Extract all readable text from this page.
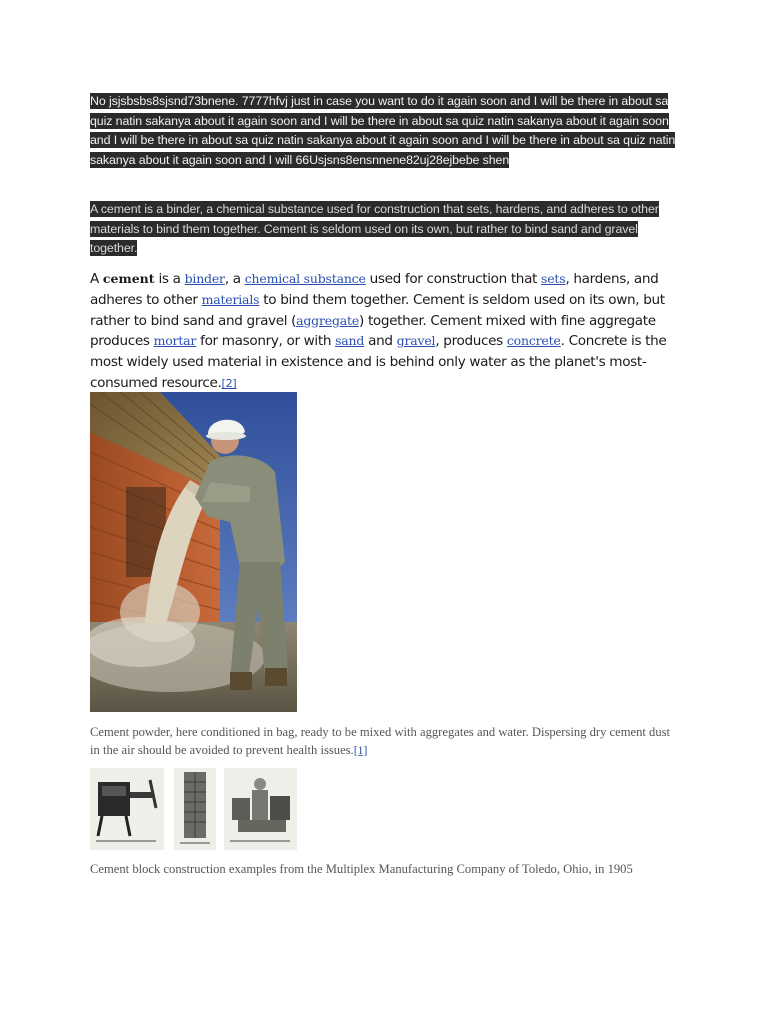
No jsjsbsbs8sjsnd73bnene. 7777hfvj just in case you want to do it again soon and I will be there in about sa quiz natin sakanya about it again soon and I will be there in about sa quiz natin sakanya about it again soon and I will be there in about sa quiz natin sakanya about it again soon and I will be there in about sa quiz natin sakanya about it again soon and I will 66Usjsns8ensnnene82uj28ejbebe shen
A cement is a binder, a chemical substance used for construction that sets, hardens, and adheres to other materials to bind them together. Cement is seldom used on its own, but rather to bind sand and gravel together.
A cement is a binder, a chemical substance used for construction that sets, hardens, and adheres to other materials to bind them together. Cement is seldom used on its own, but rather to bind sand and gravel (aggregate) together. Cement mixed with fine aggregate produces mortar for masonry, or with sand and gravel, produces concrete. Concrete is the most widely used material in existence and is behind only water as the planet's most-consumed resource.[2]
Cement powder, here conditioned in bag, ready to be mixed with aggregates and water. Dispersing dry cement dust in the air should be avoided to prevent health issues.[1]
Cement block construction examples from the Multiplex Manufacturing Company of Toledo, Ohio, in 1905
